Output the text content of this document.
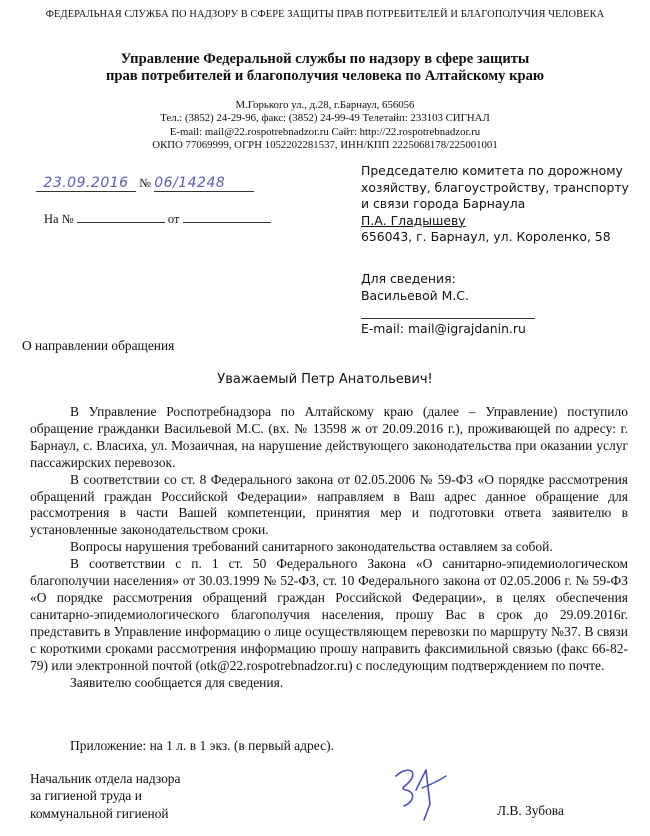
ФЕДЕРАЛЬНАЯ СЛУЖБА ПО НАДЗОРУ В СФЕРЕ ЗАЩИТЫ ПРАВ ПОТРЕБИТЕЛЕЙ И БЛАГОПОЛУЧИЯ ЧЕЛОВЕКА
Управление Федеральной службы по надзору в сфере защиты
прав потребителей и благополучия человека по Алтайскому краю
М.Горького ул., д.28, г.Барнаул, 656056
Тел.: (3852) 24-29-96, факс: (3852) 24-99-49 Телетайп: 233103 СИГНАЛ
E-mail: mail@22.rospotrebnadzor.ru Сайт: http://22.rospotrebnadzor.ru
ОКПО 77069999, ОГРН 1052202281537, ИНН/КПП 2225068178/225001001
23.09.2016 № 06/14248
На №	от
Председателю комитета по дорожному
хозяйству, благоустройству, транспорту
и связи города Барнаула
П.А. Гладышеву
656043, г. Барнаул, ул. Короленко, 58
Для сведения:
Васильевой М.С.
E-mail: mail@igrajdanin.ru
О направлении обращения
Уважаемый Петр Анатольевич!

В Управление Роспотребнадзора по Алтайскому краю (далее – Управление) поступило обращение гражданки Васильевой М.С. (вх. № 13598 ж от 20.09.2016 г.), проживающей по адресу: г. Барнаул, с. Власиха, ул. Мозаичная, на нарушение действующего законодательства при оказании услуг пассажирских перевозок.

В соответствии со ст. 8 Федерального закона от 02.05.2006 № 59-ФЗ «О порядке рассмотрения обращений граждан Российской Федерации» направляем в Ваш адрес данное обращение для рассмотрения в части Вашей компетенции, принятия мер и подготовки ответа заявителю в установленные законодательством сроки.

Вопросы нарушения требований санитарного законодательства оставляем за собой.

В соответствии с п. 1 ст. 50 Федерального Закона «О санитарно-эпидемиологическом благополучии населения» от 30.03.1999 № 52-ФЗ, ст. 10 Федерального закона от 02.05.2006 г. № 59-ФЗ «О порядке рассмотрения обращений граждан Российской Федерации», в целях обеспечения санитарно-эпидемиологического благополучия населения, прошу Вас в срок до 29.09.2016г. представить в Управление информацию о лице осуществляющем перевозки по маршруту №37. В связи с короткими сроками рассмотрения информацию прошу направить факсимильной связью (факс 66-82-79) или электронной почтой (otk@22.rospotrebnadzor.ru) с последующим подтверждением по почте.

Заявителю сообщается для сведения.

Приложение: на 1 л. в 1 экз. (в первый адрес).
Начальник отдела надзора
за гигиеной труда и
коммунальной гигиеной	Л.В. Зубова
